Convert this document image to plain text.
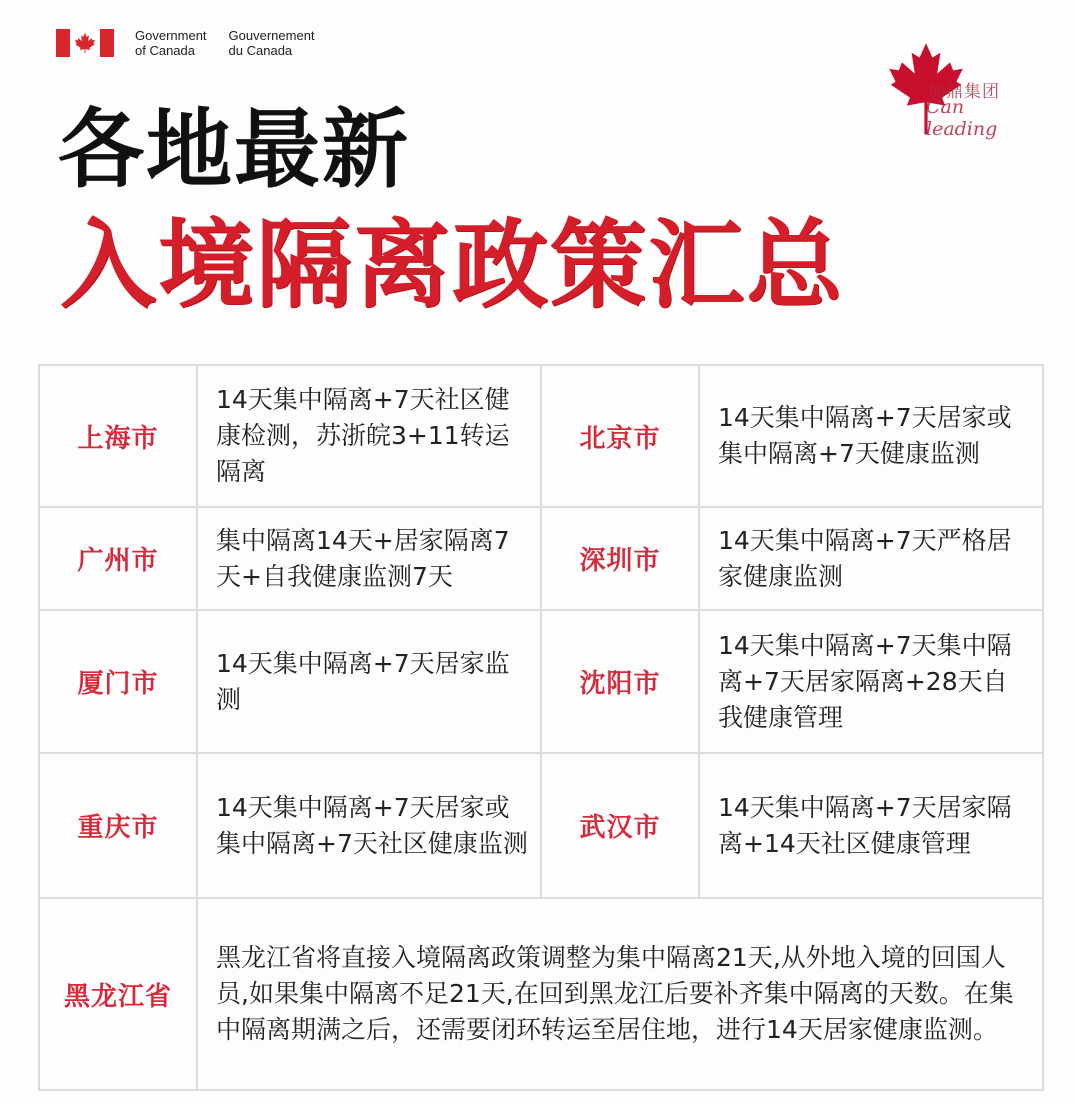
Government
of Canada
Gouvernement
du Canada
加鼎集团
Can leading
各地最新
入境隔离政策汇总
上海市	14天集中隔离+7天社区健康检测，苏浙皖3+11转运隔离	北京市	14天集中隔离+7天居家或集中隔离+7天健康监测
广州市	集中隔离14天+居家隔离7天+自我健康监测7天	深圳市	14天集中隔离+7天严格居家健康监测
厦门市	14天集中隔离+7天居家监测	沈阳市	14天集中隔离+7天集中隔离+7天居家隔离+28天自我健康管理
重庆市	14天集中隔离+7天居家或集中隔离+7天社区健康监测	武汉市	14天集中隔离+7天居家隔离+14天社区健康管理
黑龙江省	黑龙江省将直接入境隔离政策调整为集中隔离21天,从外地入境的回国人员,如果集中隔离不足21天,在回到黑龙江后要补齐集中隔离的天数。在集中隔离期满之后，还需要闭环转运至居住地，进行14天居家健康监测。		
